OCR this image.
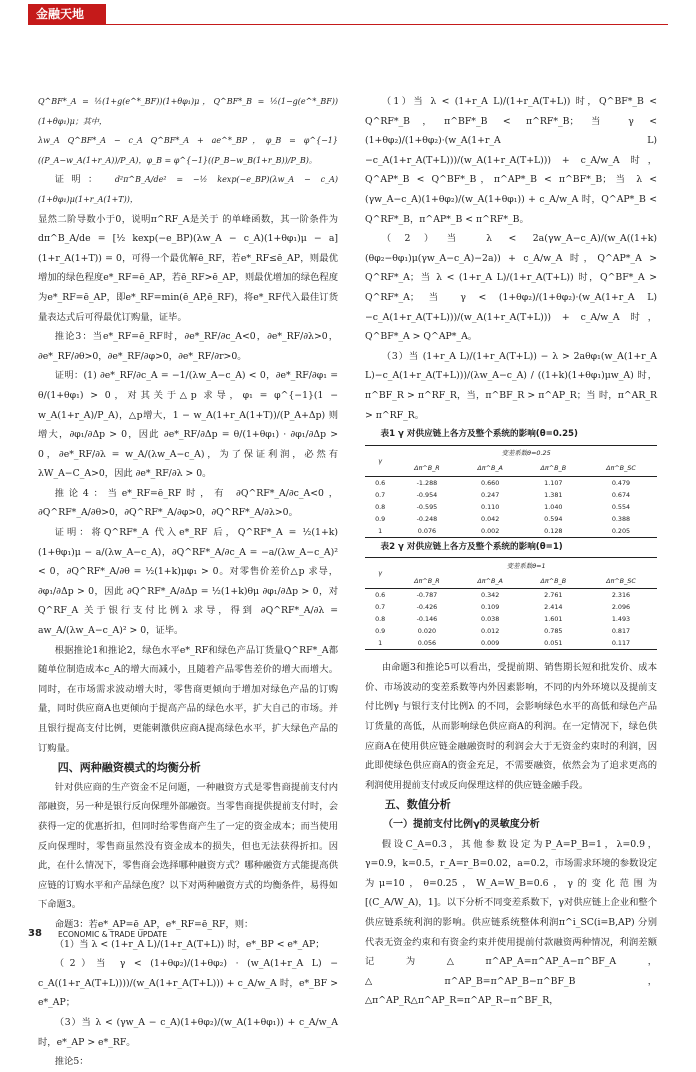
金融天地

Q^BF*_A = ½(1+g(e^*_BF))(1+θφ₁)μ，Q^BF*_B = ½(1−g(e^*_BF))(1+θφ₁)μ；其中，

λw_A Q^BF*_A − c_A Q^BF*_A + ae^*_BP，φ_B = φ^{−1}((P_A−w_A(1+r_A))/P_A)，φ_B = φ^{−1}((P_B−w_B(1+r_B))/P_B)。

证明： d²π^B_A/de² = −½ kexp(−e_BP)(λw_A − c_A)(1+θφ₁)μ(1+r_A(1+T))，

显然二阶导数小于0，说明π^RF_A是关于 的单峰函数，其一阶条件为 dπ^B_A/de = [½ kexp(−e_BP)(λw_A − c_A)(1+θφ₁)μ − a](1+r_A(1+T)) = 0，可得一个最优解ē_RF，若e*_RF≤ē_AP，则最优增加的绿色程度e*_RF=ē_AP，若ē_RF>ē_AP，则最优增加的绿色程度为e*_RF=ē_AP，即e*_RF=min(ē_AP,ē_RF)，将e*_RF代入最佳订货量表达式后可得最优订购量，证毕。

推论3：当e*_RF=ē_RF时，∂e*_RF/∂c_A<0，∂e*_RF/∂λ>0，∂e*_RF/∂θ>0，∂e*_RF/∂φ>0，∂e*_RF/∂r>0。

证明：(1) ∂e*_RF/∂c_A = −1/(λw_A−c_A) < 0，∂e*_RF/∂φ₁ = θ/(1+θφ₁) > 0，对其关于△p 求导，φ₁ = φ^{−1}(1 − w_A(1+r_A)/P_A)，△p增大，1 − w_A(1+r_A(1+T))/(P_A+Δp) 则增大，∂φ₁/∂Δp > 0，因此 ∂e*_RF/∂Δp = θ/(1+θφ₁) · ∂φ₁/∂Δp > 0，∂e*_RF/∂λ = w_A/(λw_A−c_A)，为了保证利润，必然有λW_A−C_A>0，因此 ∂e*_RF/∂λ > 0。

推论4：当e*_RF=ē_RF时，有 ∂Q^RF*_A/∂c_A<0，∂Q^RF*_A/∂θ>0，∂Q^RF*_A/∂φ>0，∂Q^RF*_A/∂λ>0。

证明：将Q^RF*_A 代入e*_RF 后，Q^RF*_A = ½(1+k)(1+θφ₁)μ − a/(λw_A−c_A)，∂Q^RF*_A/∂c_A = −a/(λw_A−c_A)² < 0，∂Q^RF*_A/∂θ = ½(1+k)μφ₁ > 0。对零售价差价△p 求导，∂φ₁/∂Δp > 0，因此 ∂Q^RF*_A/∂Δp = ½(1+k)θμ ∂φ₁/∂Δp > 0，对Q^RF_A 关于银行支付比例λ 求导，得到 ∂Q^RF*_A/∂λ = aw_A/(λw_A−c_A)² > 0，证毕。

根据推论1和推论2，绿色水平e*_RF和绿色产品订货量Q^RF*_A都随单位制造成本c_A的增大而减小，且随着产品零售差价的增大而增大。同时，在市场需求波动增大时，零售商更倾向于增加对绿色产品的订购量，同时供应商A也更倾向于提高产品的绿色水平，扩大自己的市场。并且银行提高支付比例，更能刺激供应商A提高绿色水平，扩大绿色产品的订购量。

四、两种融资模式的均衡分析

针对供应商的生产资金不足问题，一种融资方式是零售商提前支付内部融资，另一种是银行反向保理外部融资。当零售商提供提前支付时，会获得一定的优惠折扣，但同时给零售商产生了一定的资金成本；而当使用反向保理时，零售商虽然没有资金成本的损失，但也无法获得折扣。因此，在什么情况下，零售商会选择哪种融资方式？哪种融资方式能提高供应链的订购水平和产品绿色度？以下对两种融资方式的均衡条件，易得如下命题3。

命题3：若e*_AP=ē_AP，e*_RF=ē_RF，则：

（1）当 λ < (1+r_A L)/(1+r_A(T+L)) 时，e*_BP < e*_AP；

（2）当 γ < (1+θφ₂)/(1+θφ₂) · (w_A(1+r_A L) − c_A((1+r_A(T+L))))/(w_A(1+r_A(T+L))) + c_A/w_A 时，e*_BF > e*_AP；

（3）当 λ < (γw_A − c_A)(1+θφ₂)/(w_A(1+θφ₁)) + c_A/w_A 时，e*_AP > e*_RF。

推论5：

（1）当 λ < (1+r_A L)/(1+r_A(T+L)) 时，Q^BF*_B < Q^RF*_B，π^BF*_B < π^RF*_B；当 γ < (1+θφ₂)/(1+θφ₂)·(w_A(1+r_A L)−c_A(1+r_A(T+L)))/(w_A(1+r_A(T+L))) + c_A/w_A 时，Q^AP*_B < Q^BF*_B，π^AP*_B < π^BF*_B；当 λ < (γw_A−c_A)(1+θφ₂)/(w_A(1+θφ₁)) + c_A/w_A 时，Q^AP*_B < Q^RF*_B，π^AP*_B < π^RF*_B。

（2）当 λ < 2a(γw_A−c_A)/(w_A((1+k)(θφ₂−θφ₁)μ(γw_A−c_A)−2a)) + c_A/w_A 时，Q^AP*_A > Q^RF*_A；当 λ < (1+r_A L)/(1+r_A(T+L)) 时，Q^BF*_A > Q^RF*_A；当 γ < (1+θφ₂)/(1+θφ₂)·(w_A(1+r_A L)−c_A(1+r_A(T+L)))/(w_A(1+r_A(T+L))) + c_A/w_A 时，Q^BF*_A > Q^AP*_A。

（3）当 (1+r_A L)/(1+r_A(T+L)) − λ > 2aθφ₁(w_A(1+r_A L)−c_A(1+r_A(T+L)))/(λw_A−c_A) / ((1+k)(1+θφ₁)μw_A) 时，π^BF_R > π^RF_R，当，π^BF_R > π^AP_R；当 时，π^AR_R > π^RF_R。

表1 γ 对供应链上各方及整个系统的影响(θ=0.25)

γ	变差系数θ=0.25			
	Δπ^B_R	Δπ^B_A	Δπ^B_B	Δπ^B_SC
0.6	-1.288	0.660	1.107	0.479
0.7	-0.954	0.247	1.381	0.674
0.8	-0.595	0.110	1.040	0.554
0.9	-0.248	0.042	0.594	0.388
1	0.076	0.002	0.128	0.205

表2 γ 对供应链上各方及整个系统的影响(θ=1)

γ	变差系数θ=1			
	Δπ^B_R	Δπ^B_A	Δπ^B_B	Δπ^B_SC
0.6	-0.787	0.342	2.761	2.316
0.7	-0.426	0.109	2.414	2.096
0.8	-0.146	0.038	1.601	1.493
0.9	0.020	0.012	0.785	0.817
1	0.056	0.009	0.051	0.117

由命题3和推论5可以看出，受提前期、销售期长短和批发价、成本价、市场波动的变差系数等内外因素影响，不同的内外环境以及提前支付比例γ 与银行支付比例λ 的不同，会影响绿色水平的高低和绿色产品订货量的高低，从而影响绿色供应商A的利润。在一定情况下，绿色供应商A在使用供应链金融融资时的利润会大于无资金约束时的利润，因此即使绿色供应商A的资金充足，不需要融资，依然会为了追求更高的利润使用提前支付或反向保理这样的供应链金融手段。

五、数值分析

（一）提前支付比例γ的灵敏度分析

假设C_A=0.3，其他参数设定为P_A=P_B=1，λ=0.9，γ=0.9，k=0.5，r_A=r_B=0.02，a=0.2，市场需求环境的参数设定为μ=10，θ=0.25，W_A=W_B=0.6，γ的变化范围为[(C_A/W_A)，1]。以下分析不同变差系数下，γ对供应链上企业和整个供应链系统利润的影响。供应链系统整体利润π^i_SC(i=B,AP) 分别代表无资金约束和有资金约束并使用提前付款融资两种情况，利润差额记为△π^AP_A=π^AP_A−π^BF_A，△π^AP_B=π^AP_B−π^BF_B，△π^AP_R△π^AP_R=π^AP_R−π^BF_R，

38 ECONOMIC & TRADE UPDATE
